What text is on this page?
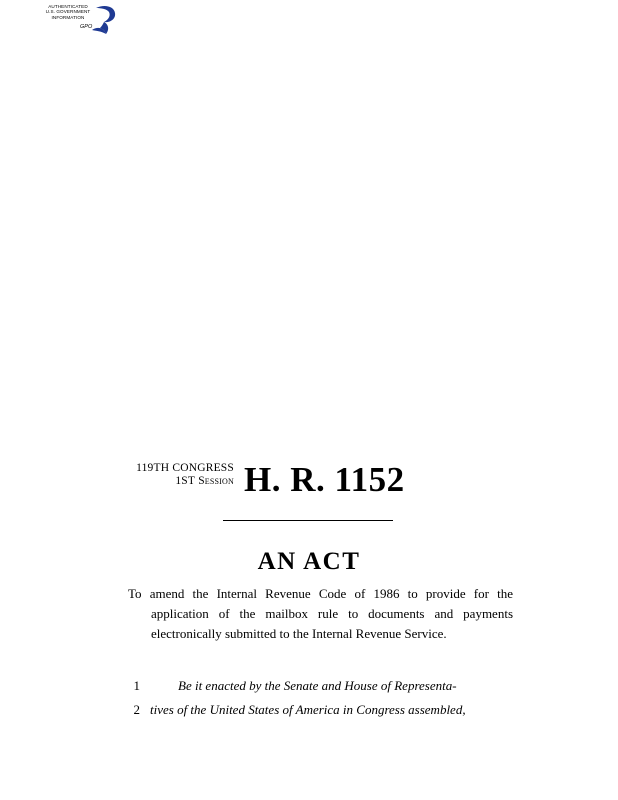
AUTHENTICATED
U.S. GOVERNMENT
INFORMATION
GPO
119TH CONGRESS
1ST Session H. R. 1152
AN ACT
To amend the Internal Revenue Code of 1986 to provide for the application of the mailbox rule to documents and payments electronically submitted to the Internal Revenue Service.
1	Be it enacted by the Senate and House of Representa-
2 tives of the United States of America in Congress assembled,
